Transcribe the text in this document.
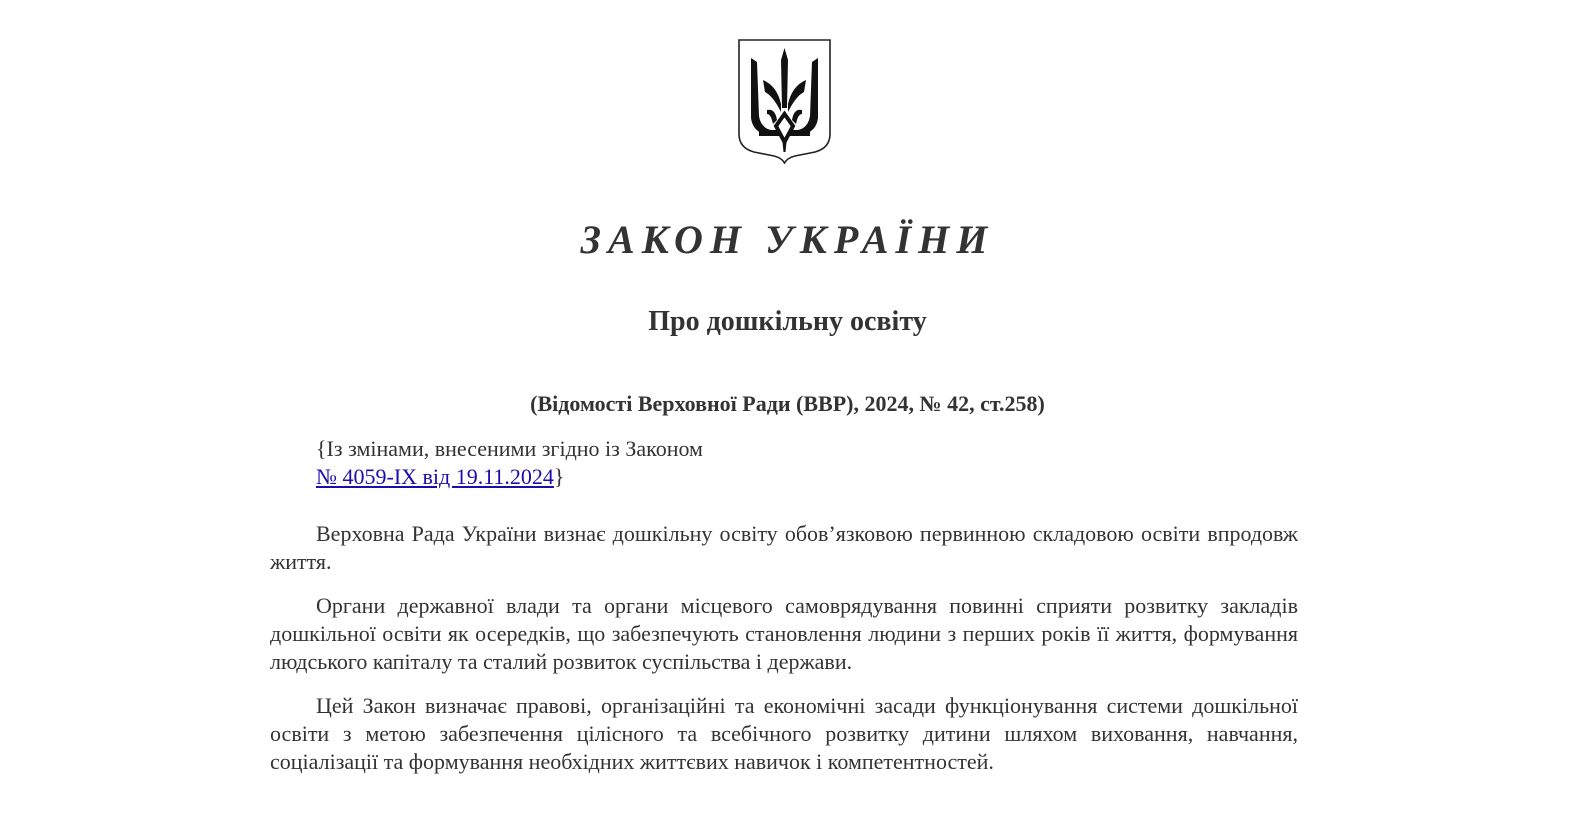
ЗАКОН УКРАЇНИ
Про дошкільну освіту
(Відомості Верховної Ради (ВВР), 2024, № 42, ст.258)
{Із змінами, внесеними згідно із Законом
№ 4059-IX від 19.11.2024}

Верховна Рада України визнає дошкільну освіту обов’язковою первинною складовою освіти впродовж життя.

Органи державної влади та органи місцевого самоврядування повинні сприяти розвитку закладів дошкільної освіти як осередків, що забезпечують становлення людини з перших років її життя, формування людського капіталу та сталий розвиток суспільства і держави.

Цей Закон визначає правові, організаційні та економічні засади функціонування системи дошкільної освіти з метою забезпечення цілісного та всебічного розвитку дитини шляхом виховання, навчання, соціалізації та формування необхідних життєвих навичок і компетентностей.
